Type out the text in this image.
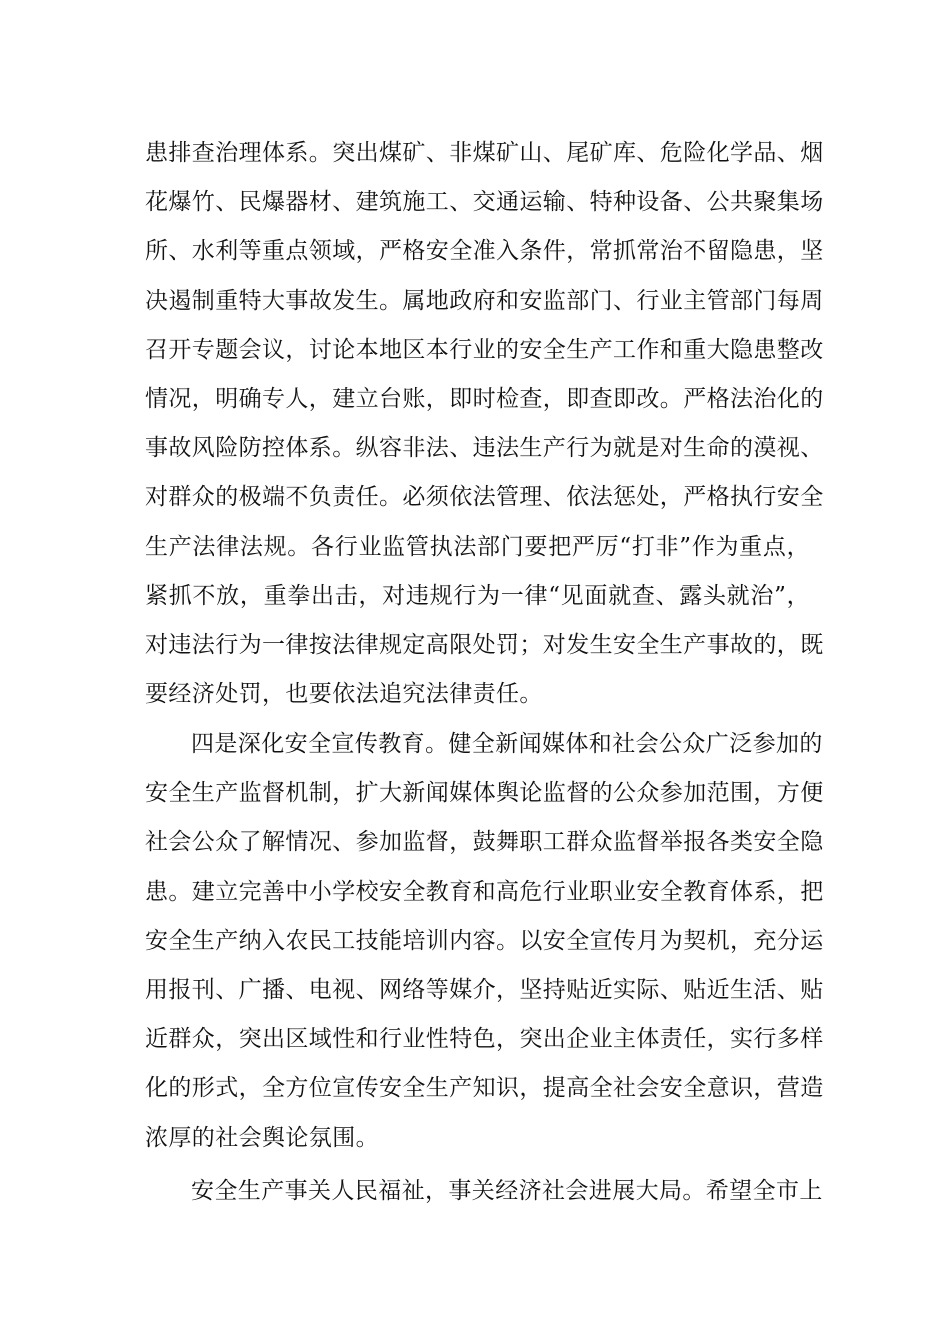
患排查治理体系。突出煤矿、非煤矿山、尾矿库、危险化学品、烟
花爆竹、民爆器材、建筑施工、交通运输、特种设备、公共聚集场
所、水利等重点领域，严格安全准入条件，常抓常治不留隐患，坚
决遏制重特大事故发生。属地政府和安监部门、行业主管部门每周
召开专题会议，讨论本地区本行业的安全生产工作和重大隐患整改
情况，明确专人，建立台账，即时检查，即查即改。严格法治化的
事故风险防控体系。纵容非法、违法生产行为就是对生命的漠视、
对群众的极端不负责任。必须依法管理、依法惩处，严格执行安全
生产法律法规。各行业监管执法部门要把严厉“打非”作为重点，
紧抓不放，重拳出击，对违规行为一律“见面就查、露头就治”，
对违法行为一律按法律规定高限处罚；对发生安全生产事故的，既
要经济处罚，也要依法追究法律责任。
四是深化安全宣传教育。健全新闻媒体和社会公众广泛参加的
安全生产监督机制，扩大新闻媒体舆论监督的公众参加范围，方便
社会公众了解情况、参加监督，鼓舞职工群众监督举报各类安全隐
患。建立完善中小学校安全教育和高危行业职业安全教育体系，把
安全生产纳入农民工技能培训内容。以安全宣传月为契机，充分运
用报刊、广播、电视、网络等媒介，坚持贴近实际、贴近生活、贴
近群众，突出区域性和行业性特色，突出企业主体责任，实行多样
化的形式，全方位宣传安全生产知识，提高全社会安全意识，营造
浓厚的社会舆论氛围。
安全生产事关人民福祉，事关经济社会进展大局。希望全市上
